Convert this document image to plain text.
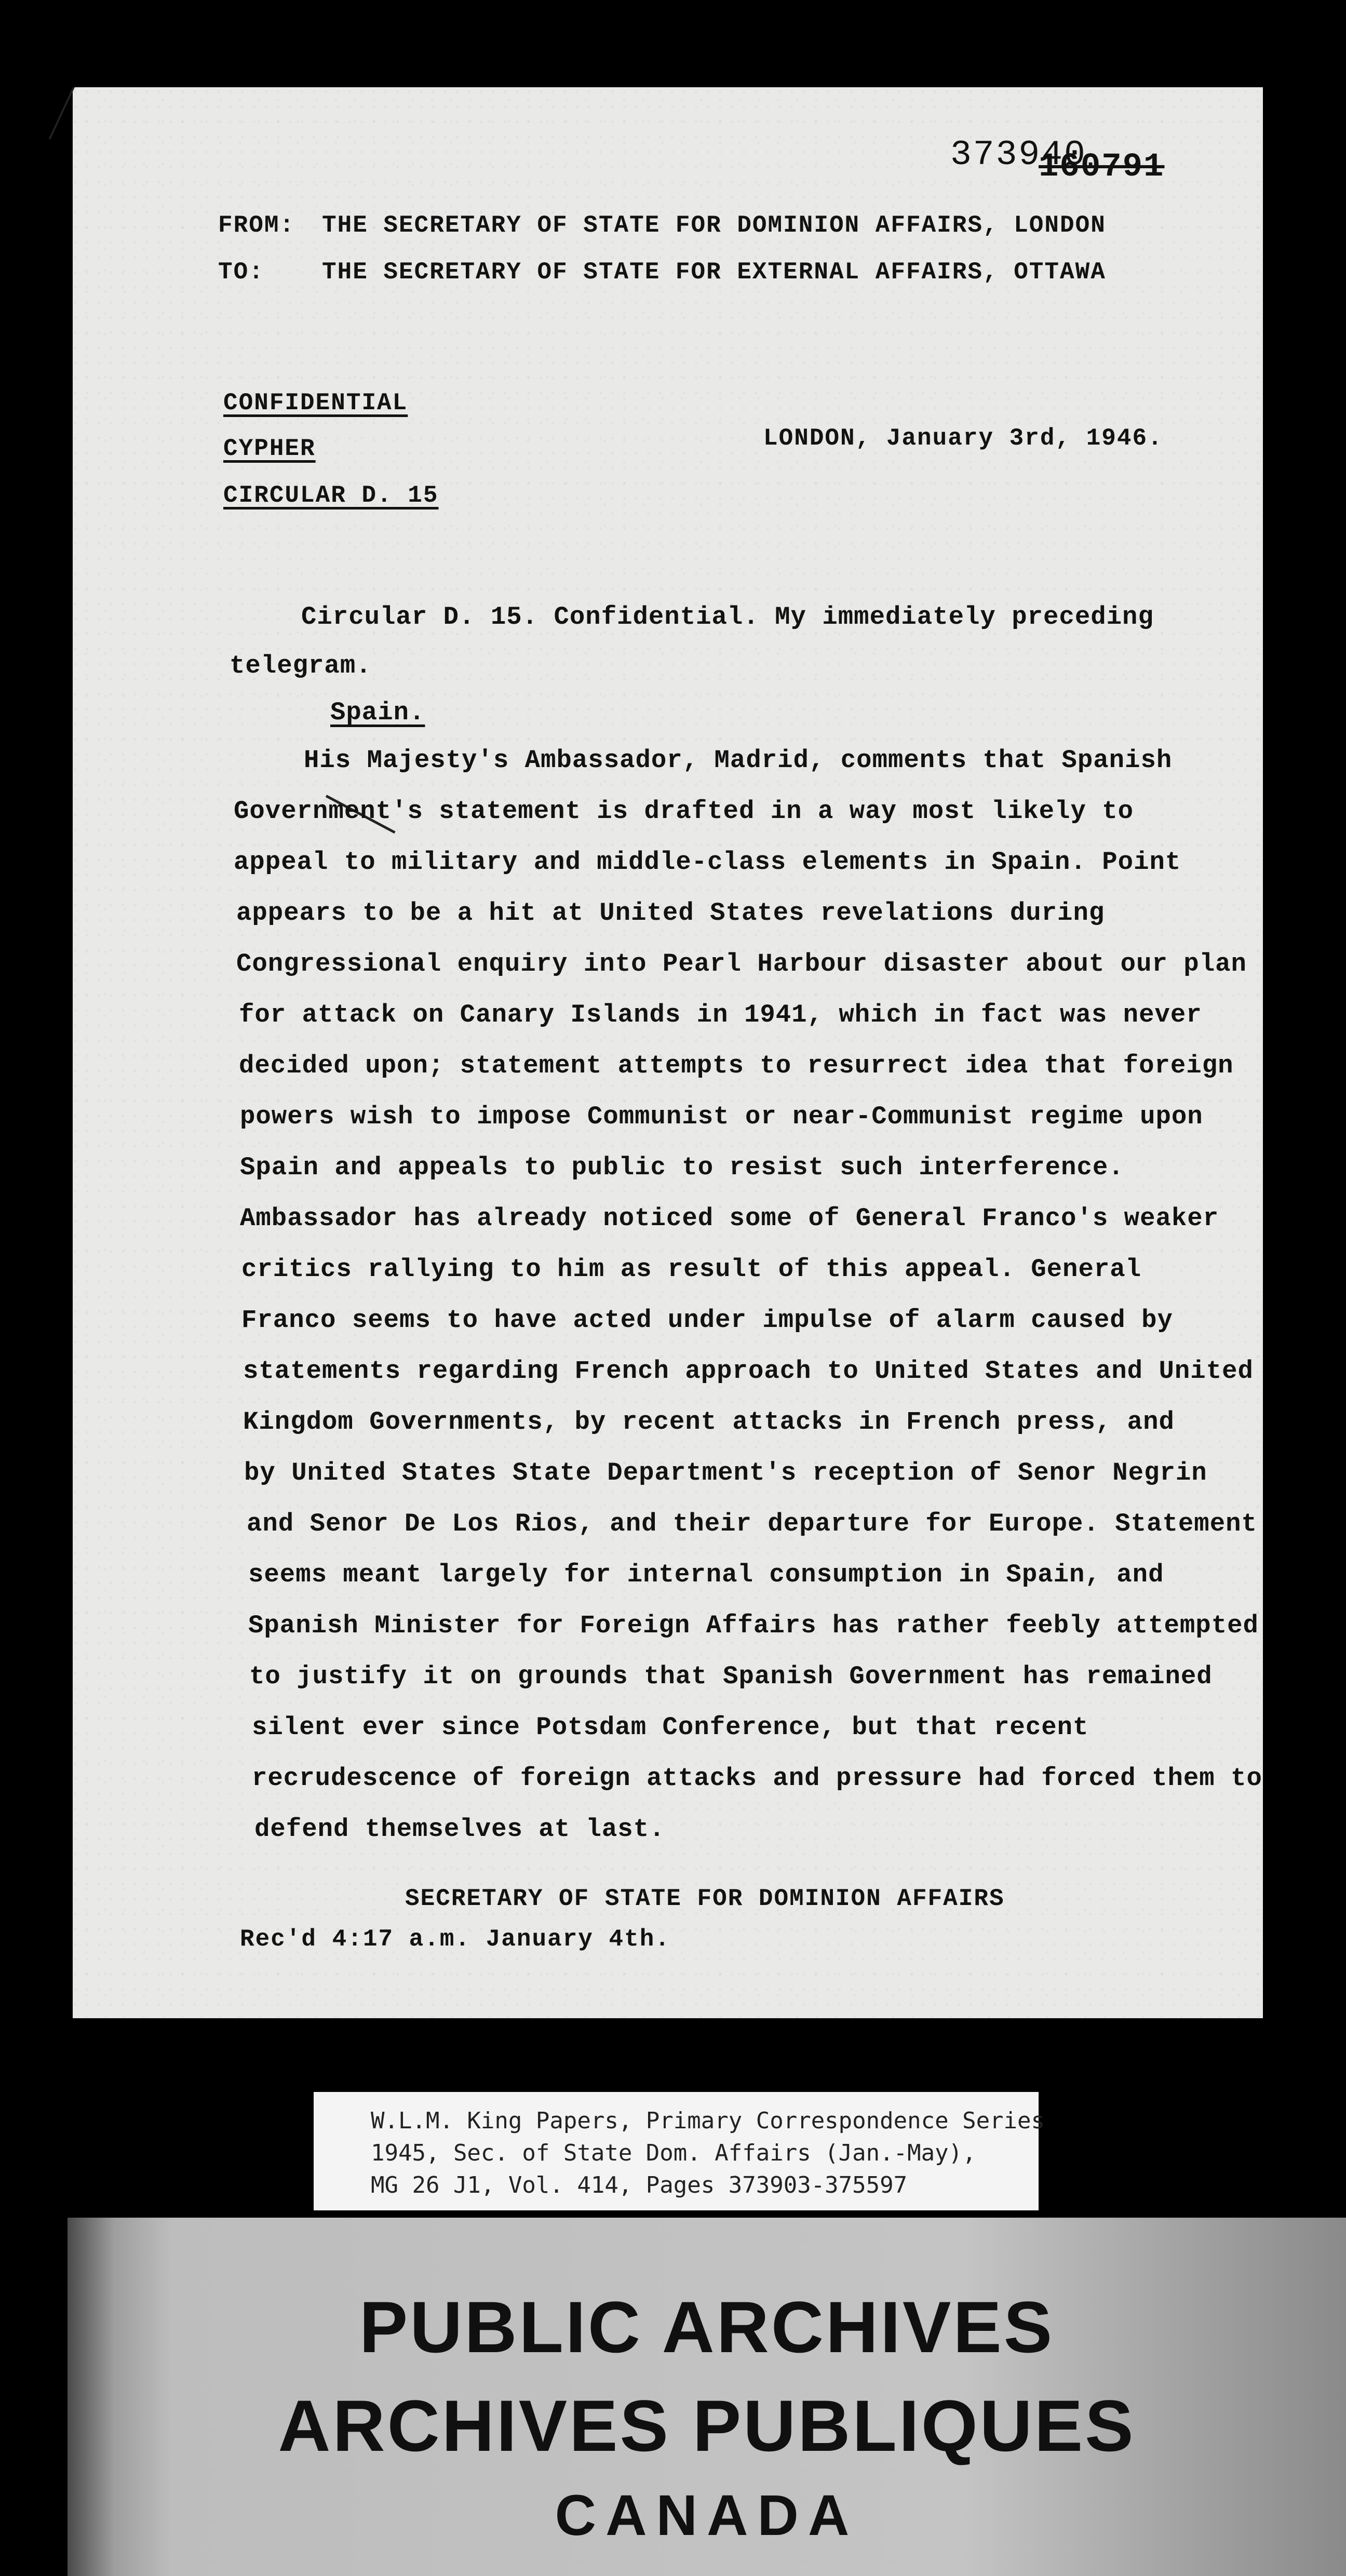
373940
160791
FROM: THE SECRETARY OF STATE FOR DOMINION AFFAIRS, LONDON
TO: THE SECRETARY OF STATE FOR EXTERNAL AFFAIRS, OTTAWA
CONFIDENTIAL
CYPHER	LONDON, January 3rd, 1946.
CIRCULAR D. 15
Circular D. 15. Confidential. My immediately preceding
telegram.
Spain.
His Majesty's Ambassador, Madrid, comments that Spanish
Government's statement is drafted in a way most likely to
appeal to military and middle-class elements in Spain. Point
appears to be a hit at United States revelations during
Congressional enquiry into Pearl Harbour disaster about our plan
for attack on Canary Islands in 1941, which in fact was never
decided upon; statement attempts to resurrect idea that foreign
powers wish to impose Communist or near-Communist regime upon
Spain and appeals to public to resist such interference.
Ambassador has already noticed some of General Franco's weaker
critics rallying to him as result of this appeal. General
Franco seems to have acted under impulse of alarm caused by
statements regarding French approach to United States and United
Kingdom Governments, by recent attacks in French press, and
by United States State Department's reception of Senor Negrin
and Senor De Los Rios, and their departure for Europe. Statement
seems meant largely for internal consumption in Spain, and
Spanish Minister for Foreign Affairs has rather feebly attempted
to justify it on grounds that Spanish Government has remained
silent ever since Potsdam Conference, but that recent
recrudescence of foreign attacks and pressure had forced them to
defend themselves at last.
SECRETARY OF STATE FOR DOMINION AFFAIRS
Rec'd 4:17 a.m. January 4th.
W.L.M. King Papers, Primary Correspondence Series
1945, Sec. of State Dom. Affairs (Jan.-May),
MG 26 J1, Vol. 414, Pages 373903-375597
PUBLIC ARCHIVES
ARCHIVES PUBLIQUES
CANADA
